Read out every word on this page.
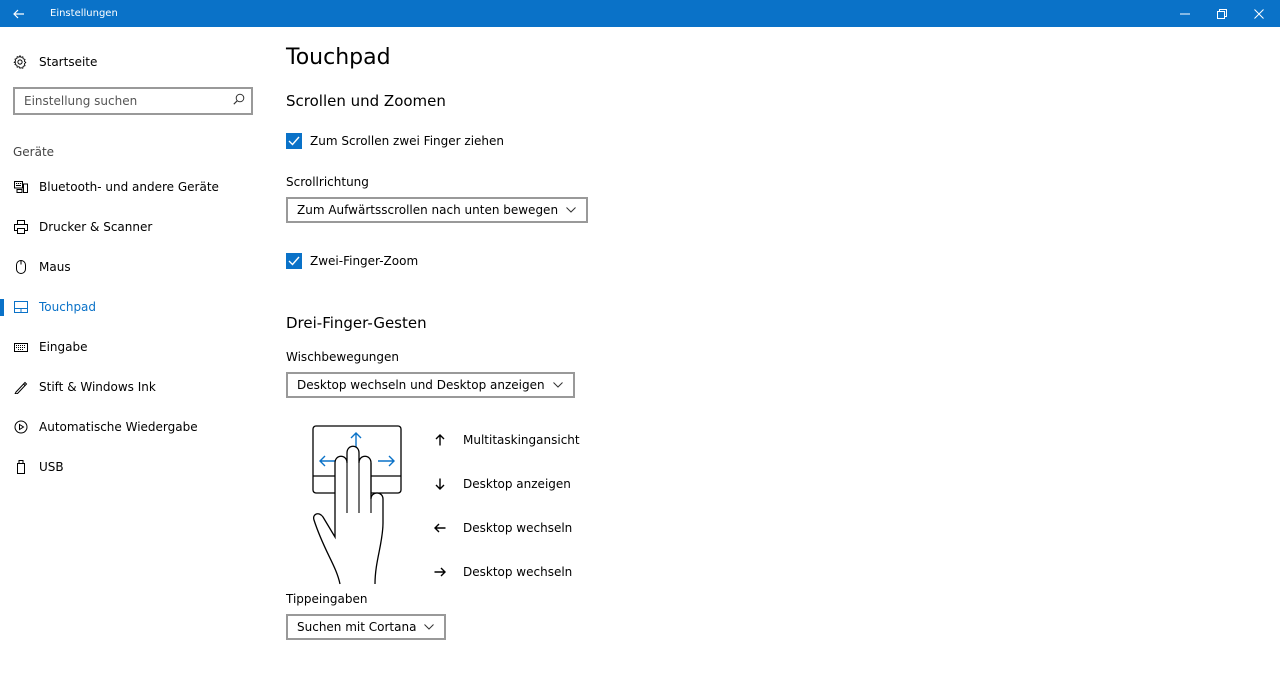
Einstellungen
Startseite
Einstellung suchen
Geräte
Bluetooth- und andere Geräte
Drucker & Scanner
Maus
Touchpad
Eingabe
Stift & Windows Ink
Automatische Wiedergabe
USB
Touchpad
Scrollen und Zoomen
Zum Scrollen zwei Finger ziehen
Scrollrichtung
Zum Aufwärtsscrollen nach unten bewegen
Zwei-Finger-Zoom
Drei-Finger-Gesten
Wischbewegungen
Desktop wechseln und Desktop anzeigen
Multitaskingansicht
Desktop anzeigen
Desktop wechseln
Desktop wechseln
Tippeingaben
Suchen mit Cortana
